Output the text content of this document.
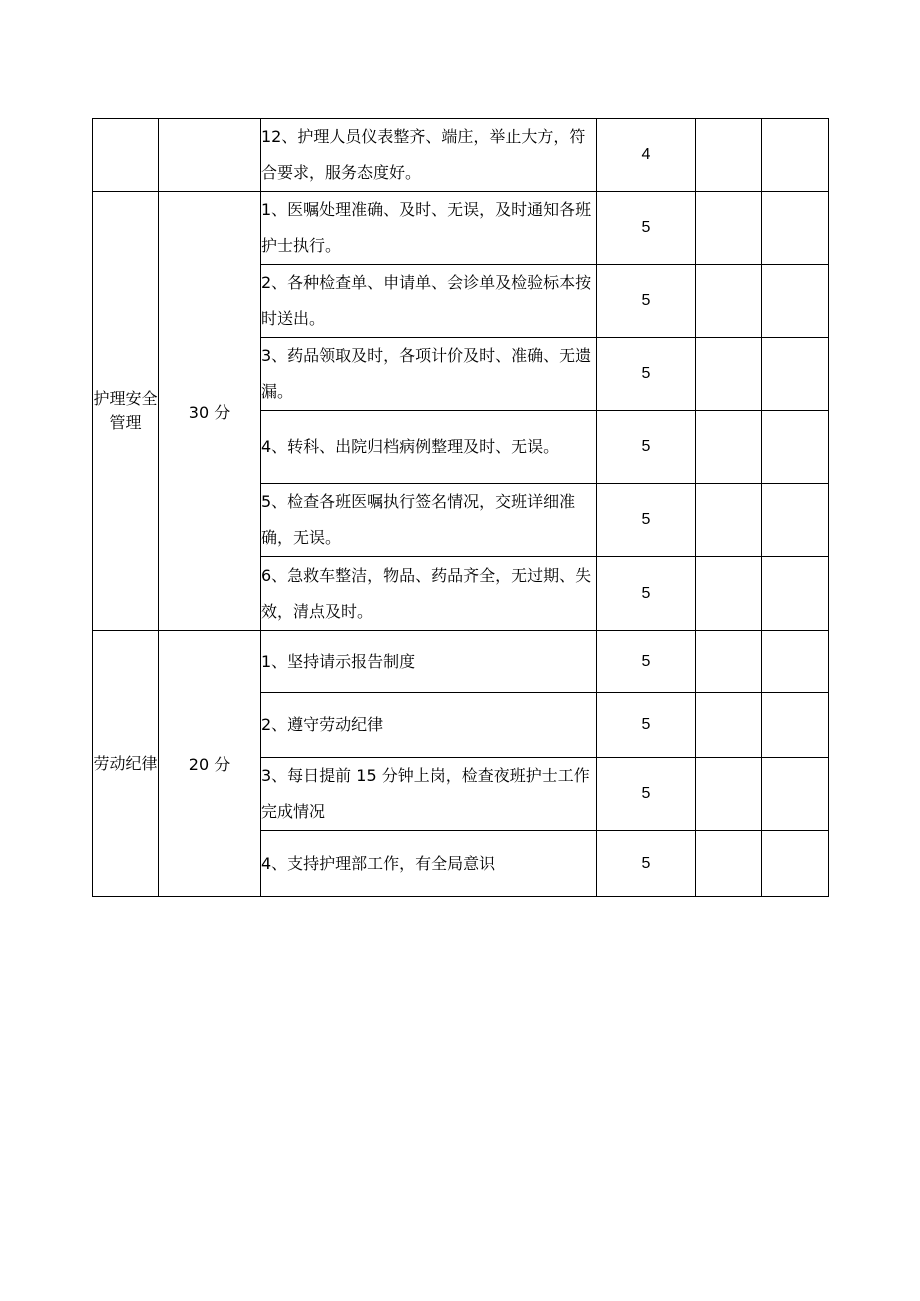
		12、护理人员仪表整齐、端庄，举止大方，符合要求，服务态度好。	4		
护理安全管理	30 分	1、医嘱处理准确、及时、无误，及时通知各班护士执行。	5		
		2、各种检查单、申请单、会诊单及检验标本按时送出。	5		
		3、药品领取及时，各项计价及时、准确、无遗漏。	5		
		4、转科、出院归档病例整理及时、无误。	5		
		5、检查各班医嘱执行签名情况，交班详细准确，无误。	5		
		6、急救车整洁，物品、药品齐全，无过期、失效，清点及时。	5		
劳动纪律	20 分	1、坚持请示报告制度	5		
		2、遵守劳动纪律	5		
		3、每日提前 15 分钟上岗，检查夜班护士工作完成情况	5		
		4、支持护理部工作，有全局意识	5		
